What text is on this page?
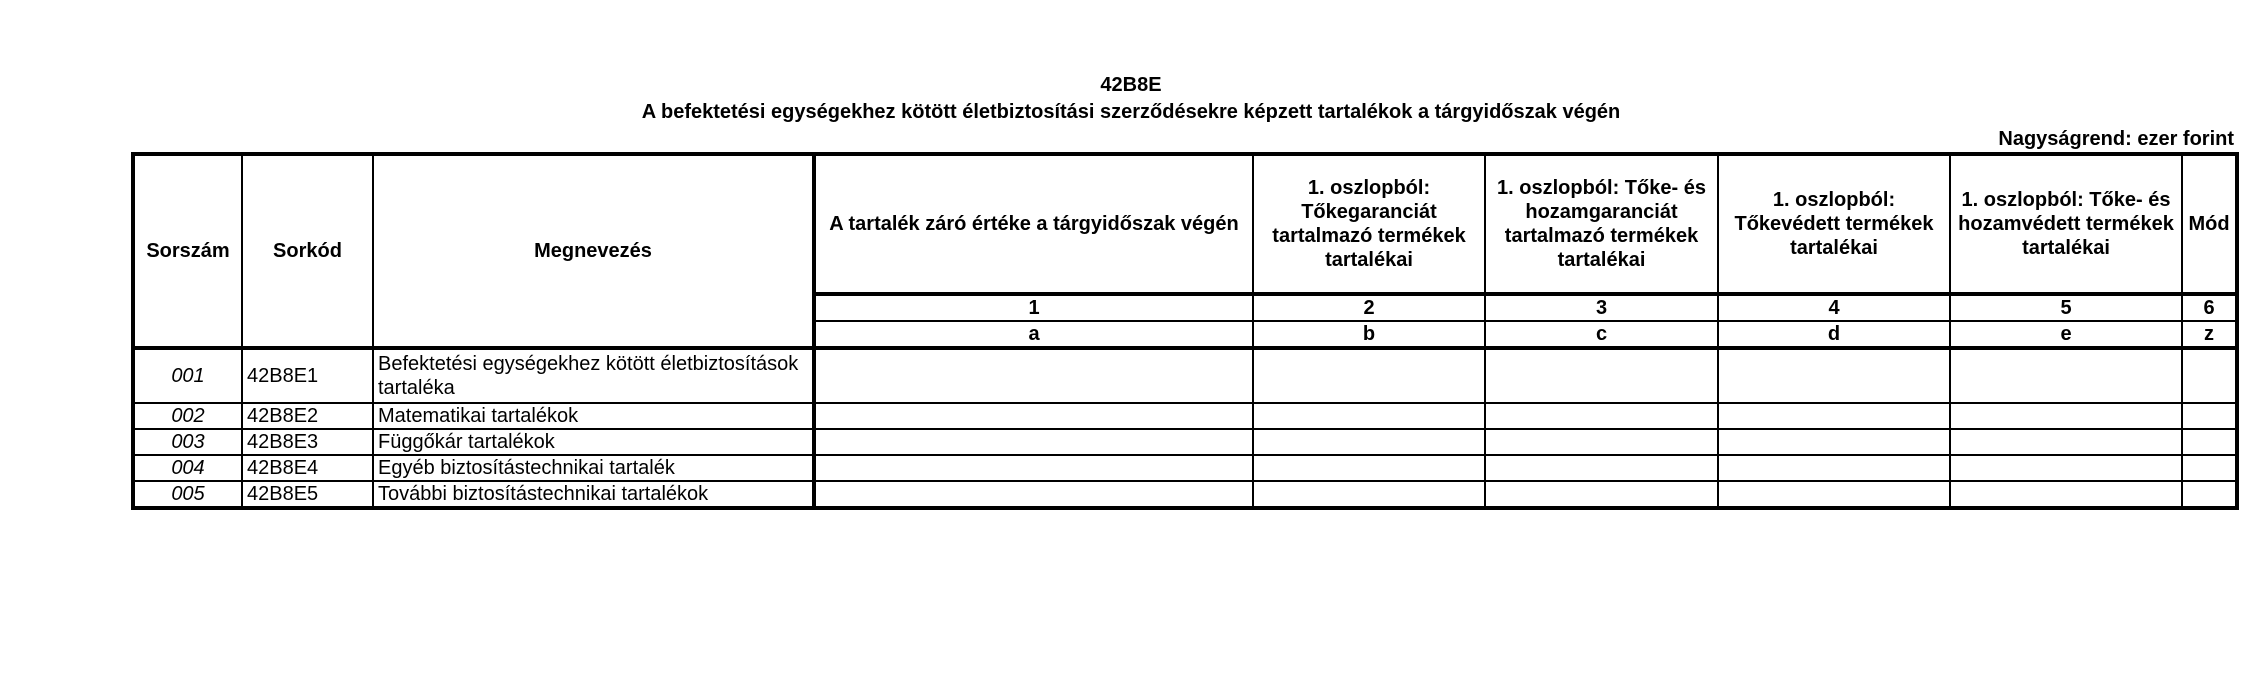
42B8E
A befektetési egységekhez kötött életbiztosítási szerződésekre képzett tartalékok a tárgyidőszak végén
Nagyságrend: ezer forint
Sorszám	Sorkód	Megnevezés	A tartalék záró értéke a tárgyidőszak végén	1. oszlopból: Tőkegaranciát tartalmazó termékek tartalékai	1. oszlopból: Tőke- és hozamgaranciát tartalmazó termékek tartalékai	1. oszlopból: Tőkevédett termékek tartalékai	1. oszlopból: Tőke- és hozamvédett termékek tartalékai	Mód
			1	2	3	4	5	6
			a	b	c	d	e	z
001	42B8E1	Befektetési egységekhez kötött életbiztosítások tartaléka						
002	42B8E2	Matematikai tartalékok						
003	42B8E3	Függőkár tartalékok						
004	42B8E4	Egyéb biztosítástechnikai tartalék						
005	42B8E5	További biztosítástechnikai tartalékok						
